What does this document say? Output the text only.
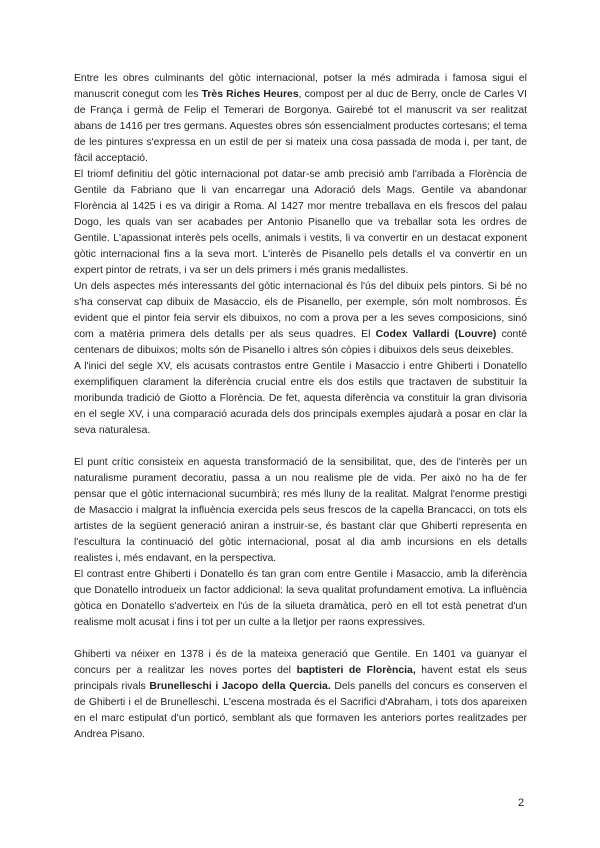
Entre les obres culminants del gòtic internacional, potser la més admirada i famosa sigui el manuscrit conegut com les Très Riches Heures, compost per al duc de Berry, oncle de Carles VI de França i germà de Felip el Temerari de Borgonya. Gairebé tot el manuscrit va ser realitzat abans de 1416 per tres germans. Aquestes obres són essencialment productes cortesans; el tema de les pintures s'expressa en un estil de per si mateix una cosa passada de moda i, per tant, de fàcil acceptació.

El triomf definitiu del gòtic internacional pot datar-se amb precisió amb l'arribada a Florència de Gentile da Fabriano que li van encarregar una Adoració dels Mags. Gentile va abandonar Florència al 1425 i es va dirigir a Roma. Al 1427 mor mentre treballava en els frescos del palau Dogo, les quals van ser acabades per Antonio Pisanello que va treballar sota les ordres de Gentile. L'apassionat interès pels ocells, animals i vestits, li va convertir en un destacat exponent gòtic internacional fins a la seva mort. L'interès de Pisanello pels detalls el va convertir en un expert pintor de retrats, i va ser un dels primers i més granis medallistes.

Un dels aspectes més interessants del gòtic internacional és l'ús del dibuix pels pintors. Si bé no s'ha conservat cap dibuix de Masaccio, els de Pisanello, per exemple, són molt nombrosos. És evident que el pintor feia servir els dibuixos, no com a prova per a les seves composicions, sinó com a matèria primera dels detalls per als seus quadres. El Codex Vallardi (Louvre) conté centenars de dibuixos; molts són de Pisanello i altres són còpies i dibuixos dels seus deixebles.

A l'inici del segle XV, els acusats contrastos entre Gentile i Masaccio i entre Ghiberti i Donatello exemplifiquen clarament la diferència crucial entre els dos estils que tractaven de substituir la moribunda tradició de Giotto a Florència. De fet, aquesta diferència va constituir la gran divisoria en el segle XV, i una comparació acurada dels dos principals exemples ajudarà a posar en clar la seva naturalesa.

El punt crític consisteix en aquesta transformació de la sensibilitat, que, des de l'interès per un naturalisme purament decoratiu, passa a un nou realisme ple de vida. Per això no ha de fer pensar que el gòtic internacional sucumbirà; res més lluny de la realitat. Malgrat l'enorme prestigi de Masaccio i malgrat la influència exercida pels seus frescos de la capella Brancacci, on tots els artistes de la següent generació aniran a instruir-se, és bastant clar que Ghiberti representa en l'escultura la continuació del gòtic internacional, posat al dia amb incursions en els detalls realistes i, més endavant, en la perspectiva.

El contrast entre Ghiberti i Donatello és tan gran com entre Gentile i Masaccio, amb la diferència que Donatello introdueix un factor addicional: la seva qualitat profundament emotiva. La influència gòtica en Donatello s'adverteix en l'ús de la silueta dramàtica, però en ell tot està penetrat d'un realisme molt acusat i fins i tot per un culte a la lletjor per raons expressives.

Ghiberti va néixer en 1378 i és de la mateixa generació que Gentile. En 1401 va guanyar el concurs per a realitzar les noves portes del baptisteri de Florència, havent estat els seus principals rivals Brunelleschi i Jacopo della Quercia. Dels panells del concurs es conserven el de Ghiberti i el de Brunelleschi. L'escena mostrada és el Sacrifici d'Abraham, i tots dos apareixen en el marc estipulat d'un porticó, semblant als que formaven les anteriors portes realitzades per Andrea Pisano.

2
